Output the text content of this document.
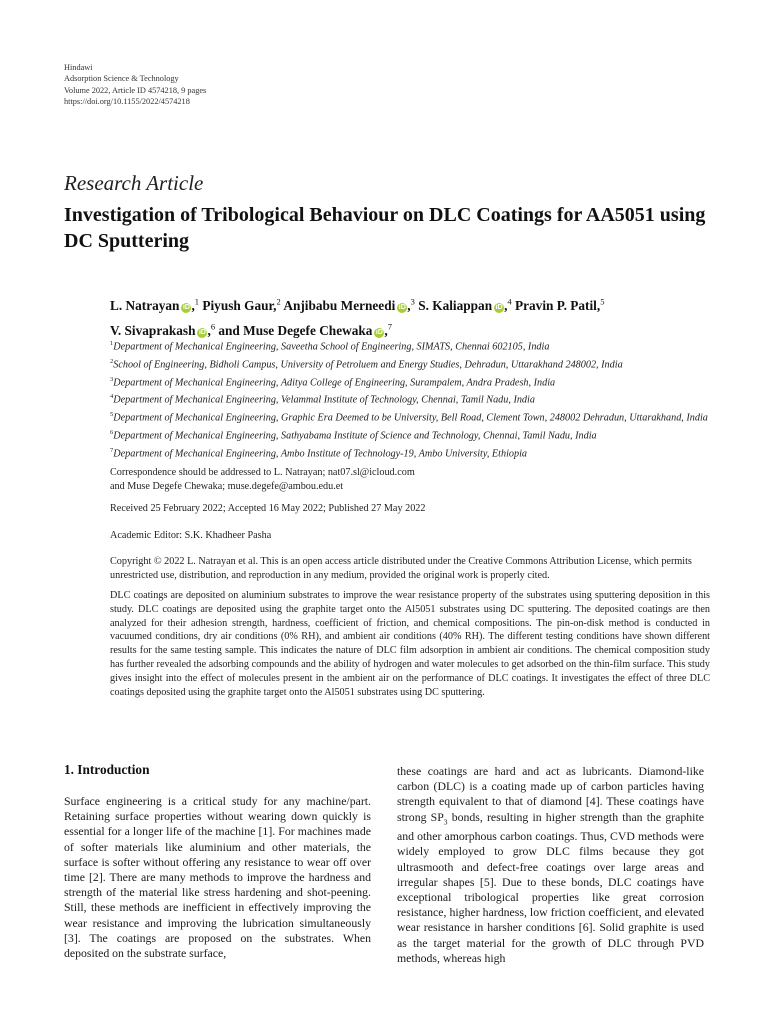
Hindawi
Adsorption Science & Technology
Volume 2022, Article ID 4574218, 9 pages
https://doi.org/10.1155/2022/4574218
Research Article
Investigation of Tribological Behaviour on DLC Coatings for AA5051 using DC Sputtering
L. Natrayan iD ,$^1$ Piyush Gaur,$^2$ Anjibabu Merneedi iD ,$^3$ S. Kaliappan iD ,$^4$ Pravin P. Patil,$^5$
V. Sivaprakash iD ,$^6$ and Muse Degefe Chewaka iD ,$^7$
$^1$Department of Mechanical Engineering, Saveetha School of Engineering, SIMATS, Chennai 602105, India
$^2$School of Engineering, Bidholi Campus, University of Petroluem and Energy Studies, Dehradun, Uttarakhand 248002, India
$^3$Department of Mechanical Engineering, Aditya College of Engineering, Surampalem, Andra Pradesh, India
$^4$Department of Mechanical Engineering, Velammal Institute of Technology, Chennai, Tamil Nadu, India
$^5$Department of Mechanical Engineering, Graphic Era Deemed to be University, Bell Road, Clement Town, 248002 Dehradun, Uttarakhand, India
$^6$Department of Mechanical Engineering, Sathyabama Institute of Science and Technology, Chennai, Tamil Nadu, India
$^7$Department of Mechanical Engineering, Ambo Institute of Technology-19, Ambo University, Ethiopia
Correspondence should be addressed to L. Natrayan; nat07.sl@icloud.com
and Muse Degefe Chewaka; muse.degefe@ambou.edu.et
Received 25 February 2022; Accepted 16 May 2022; Published 27 May 2022
Academic Editor: S.K. Khadheer Pasha
Copyright © 2022 L. Natrayan et al. This is an open access article distributed under the Creative Commons Attribution License, which permits unrestricted use, distribution, and reproduction in any medium, provided the original work is properly cited.
DLC coatings are deposited on aluminium substrates to improve the wear resistance property of the substrates using sputtering deposition in this study. DLC coatings are deposited using the graphite target onto the Al5051 substrates using DC sputtering. The deposited coatings are then analyzed for their adhesion strength, hardness, coefficient of friction, and chemical compositions. The pin-on-disk method is conducted in vacuumed conditions, dry air conditions (0% RH), and ambient air conditions (40% RH). The different testing conditions have shown different results for the same testing sample. This indicates the nature of DLC film adsorption in ambient air conditions. The chemical composition study has further revealed the adsorbing compounds and the ability of hydrogen and water molecules to get adsorbed on the thin-film surface. This study gives insight into the effect of molecules present in the ambient air on the performance of DLC coatings. It investigates the effect of three DLC coatings deposited using the graphite target onto the Al5051 substrates using DC sputtering.
1. Introduction
Surface engineering is a critical study for any machine/part. Retaining surface properties without wearing down quickly is essential for a longer life of the machine [1]. For machines made of softer materials like aluminium and other materials, the surface is softer without offering any resistance to wear off over time [2]. There are many methods to improve the hardness and strength of the material like stress hardening and shot-peening. Still, these methods are inefficient in effectively improving the wear resistance and improving the lubrication simultaneously [3]. The coatings are proposed on the substrates. When deposited on the substrate surface,
these coatings are hard and act as lubricants. Diamond-like carbon (DLC) is a coating made up of carbon particles having strength equivalent to that of diamond [4]. These coatings have strong $SP_3$ bonds, resulting in higher strength than the graphite and other amorphous carbon coatings. Thus, CVD methods were widely employed to grow DLC films because they got ultrasmooth and defect-free coatings over large areas and irregular shapes [5]. Due to these bonds, DLC coatings have exceptional tribological properties like great corrosion resistance, higher hardness, low friction coefficient, and elevated wear resistance in harsher conditions [6]. Solid graphite is used as the target material for the growth of DLC through PVD methods, whereas high
